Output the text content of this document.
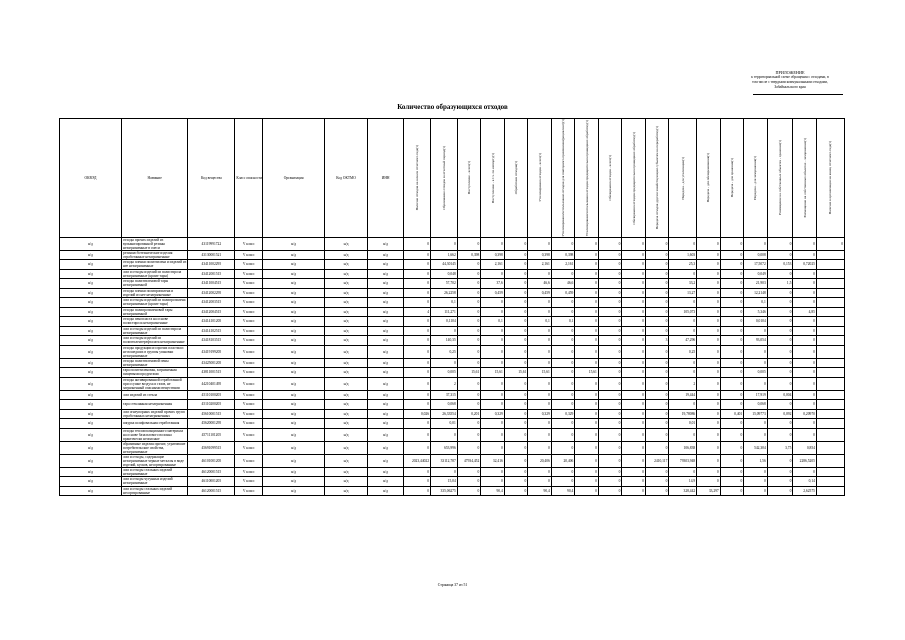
ПРИЛОЖЕНИЕ
к территориальной схеме обращения с отходами, в
том числе с твердыми коммунальными отходами,
Забайкальского края
Количество образующихся отходов
ОКВЭД	Название	Код вещества	Класс опасности	Организация	Код ОКТМО	ИНН	Наличие отходов на начало отчетного года(т)	Образование отходов за отчетный период(т)	Поступление - всего(т)	Поступление - в т.ч. по импорту(т)	Обработано отходов(т)	Утилизировано отходов - всего(т)	Утилизировано/использовано отходов для повторного применения(рециклинг)(т)	Утилизировано/использовано отходов предварительно прошедших обработку(т)	Обезврежено отходов - всего(т)	Обезврежено отходов предварительно прошедших обработку(т)	Передача отходов другим хозяйствующим субъектам на переработку(т)	Передача - для утилизации(т)	Передача - для обезвреживания(т)	Передача - для хранения(т)	Передача - для захоронения(т)	Размещение на собственных объектах - хранение(т)	Размещение на собственных объектах - захоронение(т)	Наличие в организации на конец отчетного года(т)

н/д	отходы прочих изделий из вулканизированной резины незагрязненные в смеси	43119991722	V класс	н/д	н/д	н/д	0	0	0	0	0	0	0	0	0	0	0	0	0	0	0	0	0	0
н/д	резиноасботехнические изделия отработанные незагрязненные	43130001521	V класс	н/д	н/д	н/д	0	1,662	0,398	0,398	0	0,398	0,398	0	0	0	0	1,603	0	0	0,008	0	0	
н/д	отходы пленки полиэтилена и изделий из нее незагрязненные	43411002295	V класс	н/д	н/д	н/д	0	44,30145	0	2,161	0	2,161	2,161	0	0	0	0	25,3	0	0	17,5072	0,153	0,72025	
н/д	лом и отходы изделий из полистирола незагрязненные (кроме тары)	43412001515	V класс	н/д	н/д	н/д	0	0,048	0	0	0	0	0	0	0	0	0	0	0	0	0,049	0	0	
н/д	отходы полиэтиленовой тары незагрязненной	43411004515	V класс	н/д	н/д	н/д	0	57,702	0	37,6	0	46,6	46,6	0	0	0	0	33,2	0	0	21,903	1,5	0	
н/д	отходы пленки полипропилена и изделий из нее незагрязненные	43412002295	V класс	н/д	н/д	н/д	0	26,2258	0	0,459	0	0,459	0,459	0	0	0	0	13,27	0	0	12,2148	0	0	
н/д	лом и отходы изделий из полипропилена незагрязненные (кроме тары)	43412003515	V класс	н/д	н/д	н/д	0	0,1	0	0	0	0	0	0	0	0	0	0	0	0	0,1	0	0	
н/д	отходы полипропиленовой тары незагрязненной	43412004515	V класс	н/д	н/д	н/д	4	111,271	0	0	0	0	0	0	0	0	0	105,073	0	0	5,346	0	4,85	
н/д	отходы пенопласта на основе полистирола незагрязненные	43414101205	V класс	н/д	н/д	н/д	0	0,1104	0	0,1	0	0,1	0,1	0	0	0	0	0	0	0	0,0104	0	0	
н/д	лом и отходы изделий из полистирола незагрязненные	43414102515	V класс	н/д	н/д	н/д	0	0	0	0	0	0	0	0	0	0	0	0	0	0	0	0	0	
н/д	лом и отходы изделий из полиэтилентерефталата незагрязненные	43418103515	V класс	н/д	н/д	н/д	0	140,35	0	0	0	0	0	0	0	0	3	47,296	0	0	93,054	0	0	
н/д	отходы продукции из прочих пластмасс не вошедших в группы упаковки незагрязненные	43419199205	V класс	н/д	н/д	н/д	0	0,25	0	0	0	0	0	0	0	0	0	0,25	0	0	0	0	0	
н/д	отходы полиэтиленовой пены незагрязненные	43425001205	V класс	н/д	н/д	н/д	0	0	0	0	0	0	0	0	0	0	0	0	0	0	0	0	0	
н/д	тара полиэтиленовая, загрязненная пищевыми продуктами	43811001515	V класс	н/д	н/д	н/д	0	0,005	15,61	15,61	15,61	15,61	0	15,61	0	0	0	0	0	0	0,005	0	0	
н/д	отходы активированной отработанной при осушке воздуха и газов, не загрязненный опасными веществами	44210401495	V класс	н/д	н/д	н/д	0	2	0	0	0	0	0	0	0	0	0	2	0	0	0	0	0	
н/д	лом изделий из стекла	45110100205	V класс	н/д	н/д	н/д	0	37,315	0	0	0	0	0	0	0	0	0	19,444	0	0	17,919	0,004	0	
н/д	тара стеклянная незагрязненная	45110200205	V класс	н/д	н/д	н/д	0	0,068	0	0	0	0	0	0	0	0	0	0	0	0	0,068	0	0	
н/д	лом огнеупорных изделий прочих групп отработанных незагрязненных	45610001515	V класс	н/д	н/д	н/д	0,026	26,33554	0,201	0,329	0	0,329	0,329	0	0	0	0	19,78086	0	0,401	15,09773	0,092	0,20970	
н/д	шкурка шлифовальная отработанная	45620001295	V класс	н/д	н/д	н/д	0	0,01	0	0	0	0	0	0	0	0	0	0,01	0	0	0	0	0	
н/д	отходы теплоизоляционного материала на основе базальтового волокна практически неопасные	45711101205	V класс	н/д	н/д	н/д	0	0	0	0	0	0	0	0	0	0	0	0	0	0	0	0	0	
н/д	абразивные изделия прочие, утратившие потребительские свойства, незагрязненные	45691099515	V класс	н/д	н/д	н/д	0	653,996	0	0	0	0	0	0	0	0	0	106,838	0	0	542,304	3,75	0,854	
н/д	лом и отходы, содержащие незагрязненные черные металлы в виде изделий, кусков, несортированные	46101001205	V класс	н/д	н/д	н/д	2023,44022	33112,787	47934,452	32,416	0	20,406	20,406	0	0	0	2410,117	79303,948	0	0	1,56	0	2286,5205	
н/д	лом и отходы стальных изделий незагрязненные	46120001515	V класс	н/д	н/д	н/д	0	0	0	0	0	0	0	0	0	0	0	0	0	0	0	0	0	
н/д	лом и отходы чугунных изделий незагрязненные	46110001205	V класс	н/д	н/д	н/д	0	15,04	0	0	0	0	0	0	0	0	0	14,9	0	0	0	0	0,14	
н/д	лом и отходы стальных изделий несортированные	46120001515	V класс	н/д	н/д	н/д	0	335,06275	0	90,4	0	90,4	90,4	0	0	0	0	328,442	33,297	0	0	0	2,62575	
Страница 37 из 51
